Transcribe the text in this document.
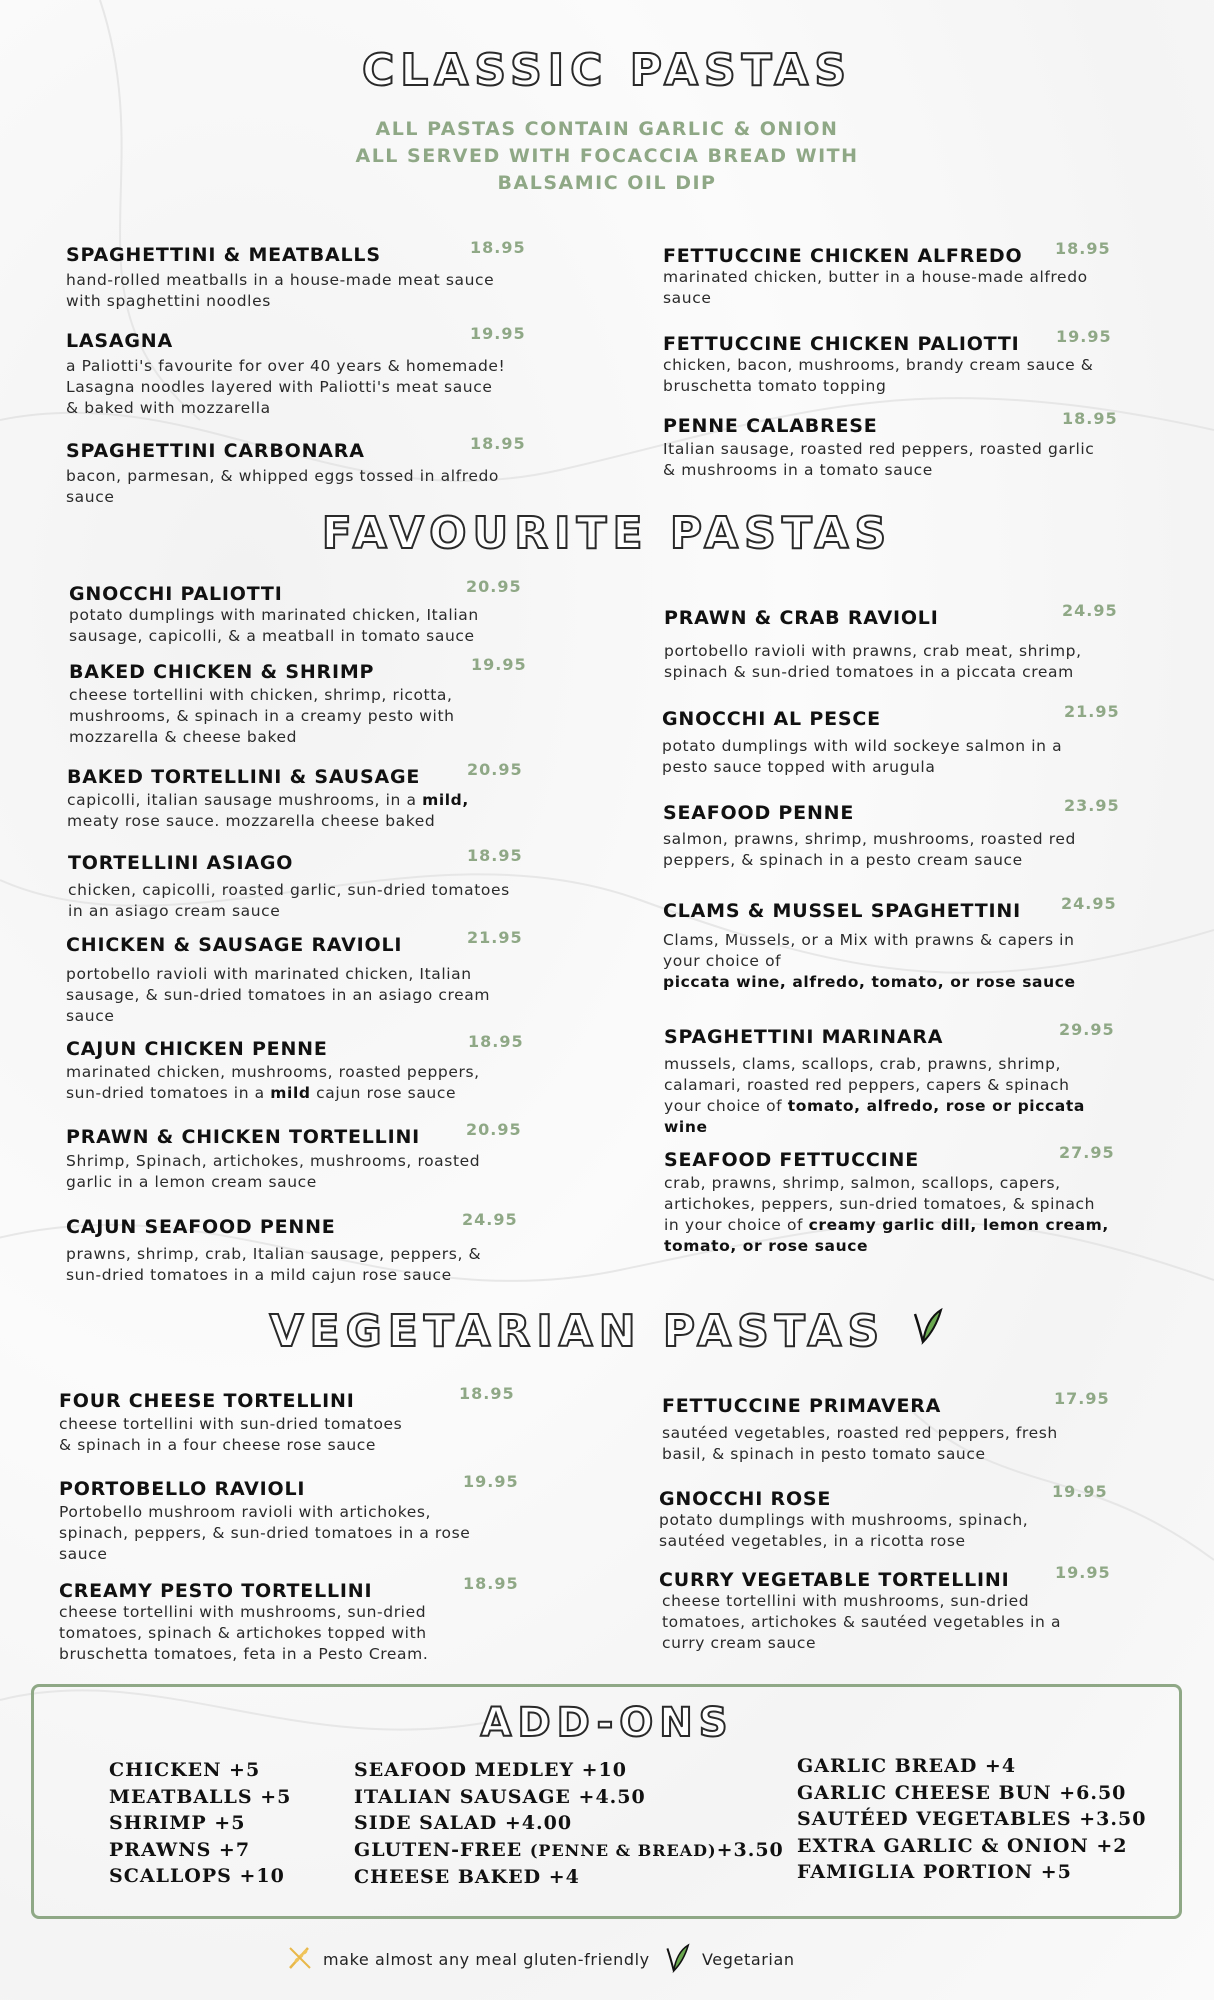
CLASSIC PASTAS
ALL PASTAS CONTAIN GARLIC & ONION
ALL SERVED WITH FOCACCIA BREAD WITH
BALSAMIC OIL DIP
SPAGHETTINI & MEATBALLS	18.95
hand-rolled meatballs in a house-made meat sauce
with spaghettini noodles
LASAGNA	19.95
a Paliotti's favourite for over 40 years & homemade!
Lasagna noodles layered with Paliotti's meat sauce
& baked with mozzarella
SPAGHETTINI CARBONARA	18.95
bacon, parmesan, & whipped eggs tossed in alfredo
sauce
FETTUCCINE CHICKEN ALFREDO	18.95
marinated chicken, butter in a house-made alfredo
sauce
FETTUCCINE CHICKEN PALIOTTI	19.95
chicken, bacon, mushrooms, brandy cream sauce &
bruschetta tomato topping
PENNE CALABRESE	18.95
Italian sausage, roasted red peppers, roasted garlic
& mushrooms in a tomato sauce
FAVOURITE PASTAS
GNOCCHI PALIOTTI	20.95
potato dumplings with marinated chicken, Italian
sausage, capicolli, & a meatball in tomato sauce
BAKED CHICKEN & SHRIMP	19.95
cheese tortellini with chicken, shrimp, ricotta,
mushrooms, & spinach in a creamy pesto with
mozzarella & cheese baked
BAKED TORTELLINI & SAUSAGE	20.95
capicolli, italian sausage mushrooms, in a mild,
meaty rose sauce. mozzarella cheese baked
TORTELLINI ASIAGO	18.95
chicken, capicolli, roasted garlic, sun-dried tomatoes
in an asiago cream sauce
CHICKEN & SAUSAGE RAVIOLI	21.95
portobello ravioli with marinated chicken, Italian
sausage, & sun-dried tomatoes in an asiago cream
sauce
CAJUN CHICKEN PENNE	18.95
marinated chicken, mushrooms, roasted peppers,
sun-dried tomatoes in a mild cajun rose sauce
PRAWN & CHICKEN TORTELLINI	20.95
Shrimp, Spinach, artichokes, mushrooms, roasted
garlic in a lemon cream sauce
CAJUN SEAFOOD PENNE	24.95
prawns, shrimp, crab, Italian sausage, peppers, &
sun-dried tomatoes in a mild cajun rose sauce
PRAWN & CRAB RAVIOLI	24.95
portobello ravioli with prawns, crab meat, shrimp,
spinach & sun-dried tomatoes in a piccata cream
GNOCCHI AL PESCE	21.95
potato dumplings with wild sockeye salmon in a
pesto sauce topped with arugula
SEAFOOD PENNE	23.95
salmon, prawns, shrimp, mushrooms, roasted red
peppers, & spinach in a pesto cream sauce
CLAMS & MUSSEL SPAGHETTINI	24.95
Clams, Mussels, or a Mix with prawns & capers in
your choice of
piccata wine, alfredo, tomato, or rose sauce
SPAGHETTINI MARINARA	29.95
mussels, clams, scallops, crab, prawns, shrimp,
calamari, roasted red peppers, capers & spinach
your choice of tomato, alfredo, rose or piccata wine
SEAFOOD FETTUCCINE	27.95
crab, prawns, shrimp, salmon, scallops, capers,
artichokes, peppers, sun-dried tomatoes, & spinach
in your choice of creamy garlic dill, lemon cream,
tomato, or rose sauce
VEGETARIAN PASTAS
FOUR CHEESE TORTELLINI	18.95
cheese tortellini with sun-dried tomatoes
& spinach in a four cheese rose sauce
PORTOBELLO RAVIOLI	19.95
Portobello mushroom ravioli with artichokes,
spinach, peppers, & sun-dried tomatoes in a rose
sauce
CREAMY PESTO TORTELLINI	18.95
cheese tortellini with mushrooms, sun-dried
tomatoes, spinach & artichokes topped with
bruschetta tomatoes, feta in a Pesto Cream.
FETTUCCINE PRIMAVERA	17.95
sautéed vegetables, roasted red peppers, fresh
basil, & spinach in pesto tomato sauce
GNOCCHI ROSE	19.95
potato dumplings with mushrooms, spinach,
sautéed vegetables, in a ricotta rose
CURRY VEGETABLE TORTELLINI	19.95
cheese tortellini with mushrooms, sun-dried
tomatoes, artichokes & sautéed vegetables in a
curry cream sauce
ADD-ONS
CHICKEN +5
MEATBALLS +5
SHRIMP +5
PRAWNS +7
SCALLOPS +10
SEAFOOD MEDLEY +10
ITALIAN SAUSAGE +4.50
SIDE SALAD +4.00
GLUTEN-FREE (PENNE & BREAD)+3.50
CHEESE BAKED +4
GARLIC BREAD +4
GARLIC CHEESE BUN +6.50
SAUTÉED VEGETABLES +3.50
EXTRA GARLIC & ONION +2
FAMIGLIA PORTION +5
make almost any meal gluten-friendly	Vegetarian
